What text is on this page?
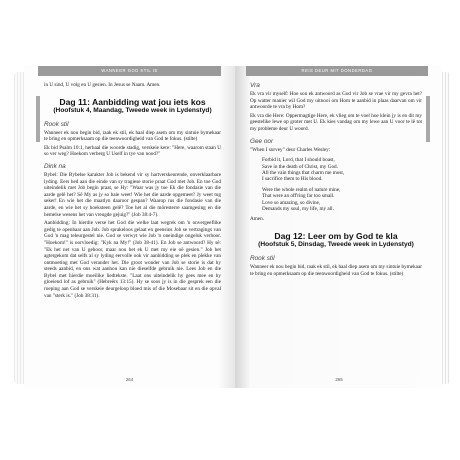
WANNEER GOD STIL IS

in U sind, U volg en U gesien. In Jesus se Naam. Amen.

Dag 11: Aanbidding wat jou iets kos
(Hoofstuk 4, Maandag, Tweede week in Lydenstyd)
Rook stil

Wanneer ek nou begin bid, raak ek stil, ek haal diep asem om my sintuie bymekaar te bring en opmerksaam op die teenwoordigheid van God te fokus. (stilte)

Ek bid Psalm 10:1, herhaal die woorde stadig, verskeie kere: "Here, waarom staan U so ver weg? Hoekom verberg U Uself in tye van nood?"

Dink na

Bybel: Die Bybelse karakter Job is bekend vir sy hartverskeurende, onverklaarbare lyding. Eers hed aan die einde van sy tragiese storie praat God met Job. En toe God uiteindelik met Job begin praat, se Hy: "Waar was jy toe Ek die fondasie van die aarde gelê het? Sê My as jy so baie weet! Wie het die aarde opgemeet? Jy weet tog seker! En wie het die maatlyn daaroor gespan? Waarop rus die fondasie van die aarde, en wie het sy hoeksteen gelê? Toe het al die môresterre saamgesing en die hemelse wesens het van vreugde gejuig?" (Job 38:4-7).

Aanbidding: In hierdie verse het God die welke laat wegrek om 'n onvergeeflike gedig te openbaar aan Job. Job sprakeloos gelaat en geensins Job se vertragings van God 'n mag teleurgestel nie. God se verwyt wie Job 'n oneindige ongeluk verhoor. "Hoekom!" is oorvloedig: "Kyk na My!" (Job 38-41). En Job se antwoord? Hy sê: "Ek het net van U gehoor, maar nou het ek U met my eie oë gesien." Job het agtergekom dat selfs al sy lyding eervolle ook vir aanbidding se plek en plekke van ontmoeting met God verander het. Die groot wonder van Job se storie is dat hy steeds aanbid, en ons wat aanhou kan nie dieselfde gebruik nie. Lees Job en die Bybel met hierdie moeilike liedtekste. "Laat ons uiteindelik hy gees mee en hy gloeiend lof as gebruik" (Hebreërs 13:15). Hy se soos jy is in die gesprek een die roeping aan God se verskeie deurgeloop bloed mis of die Mosebaar sit en die opval van "sterk is." (Job 38:31).

264
REIS DEUR MIT DONDERDAG
Vra

Ek vra vir myself: Hoe sou ek antwoord as God vir Job se vrae vir my gevra het? Op watter manier wil God my uitnooi om Hom te aanbid in plaas daarvan om vir antwoorde te vra by Hom?

Ek vra die Here: Oppermagtige Here, ek vlieg om te voel hoe klein jy is en dit my geestelike lewe op groter met U. Ek kies vandag om my lewe aan U voor te lê tot my probleme deur U woord.

Gee oor

"When I survey" deur Charles Wesley:

Forbid it, Lord, that I should boast,

Save in the death of Christ, my God.

All the vain things that charm me most,

I sacrifice them to His blood.

Were the whole realm of nature mine,

That were an off'ring far too small.

Love so amazing, so divine,

Demands my soul, my life, my all.

Amen.

Dag 12: Leer om by God te kla
(Hoofstuk 5, Dinsdag, Tweede week in Lydenstyd)
Rook stil

Wanneer ek nou begin bid, raak ek stil, ek haal diep asem om my sintuie bymekaar te bring en opmerksaam op die teenwoordigheid van God te fokus. (stilte)

265
